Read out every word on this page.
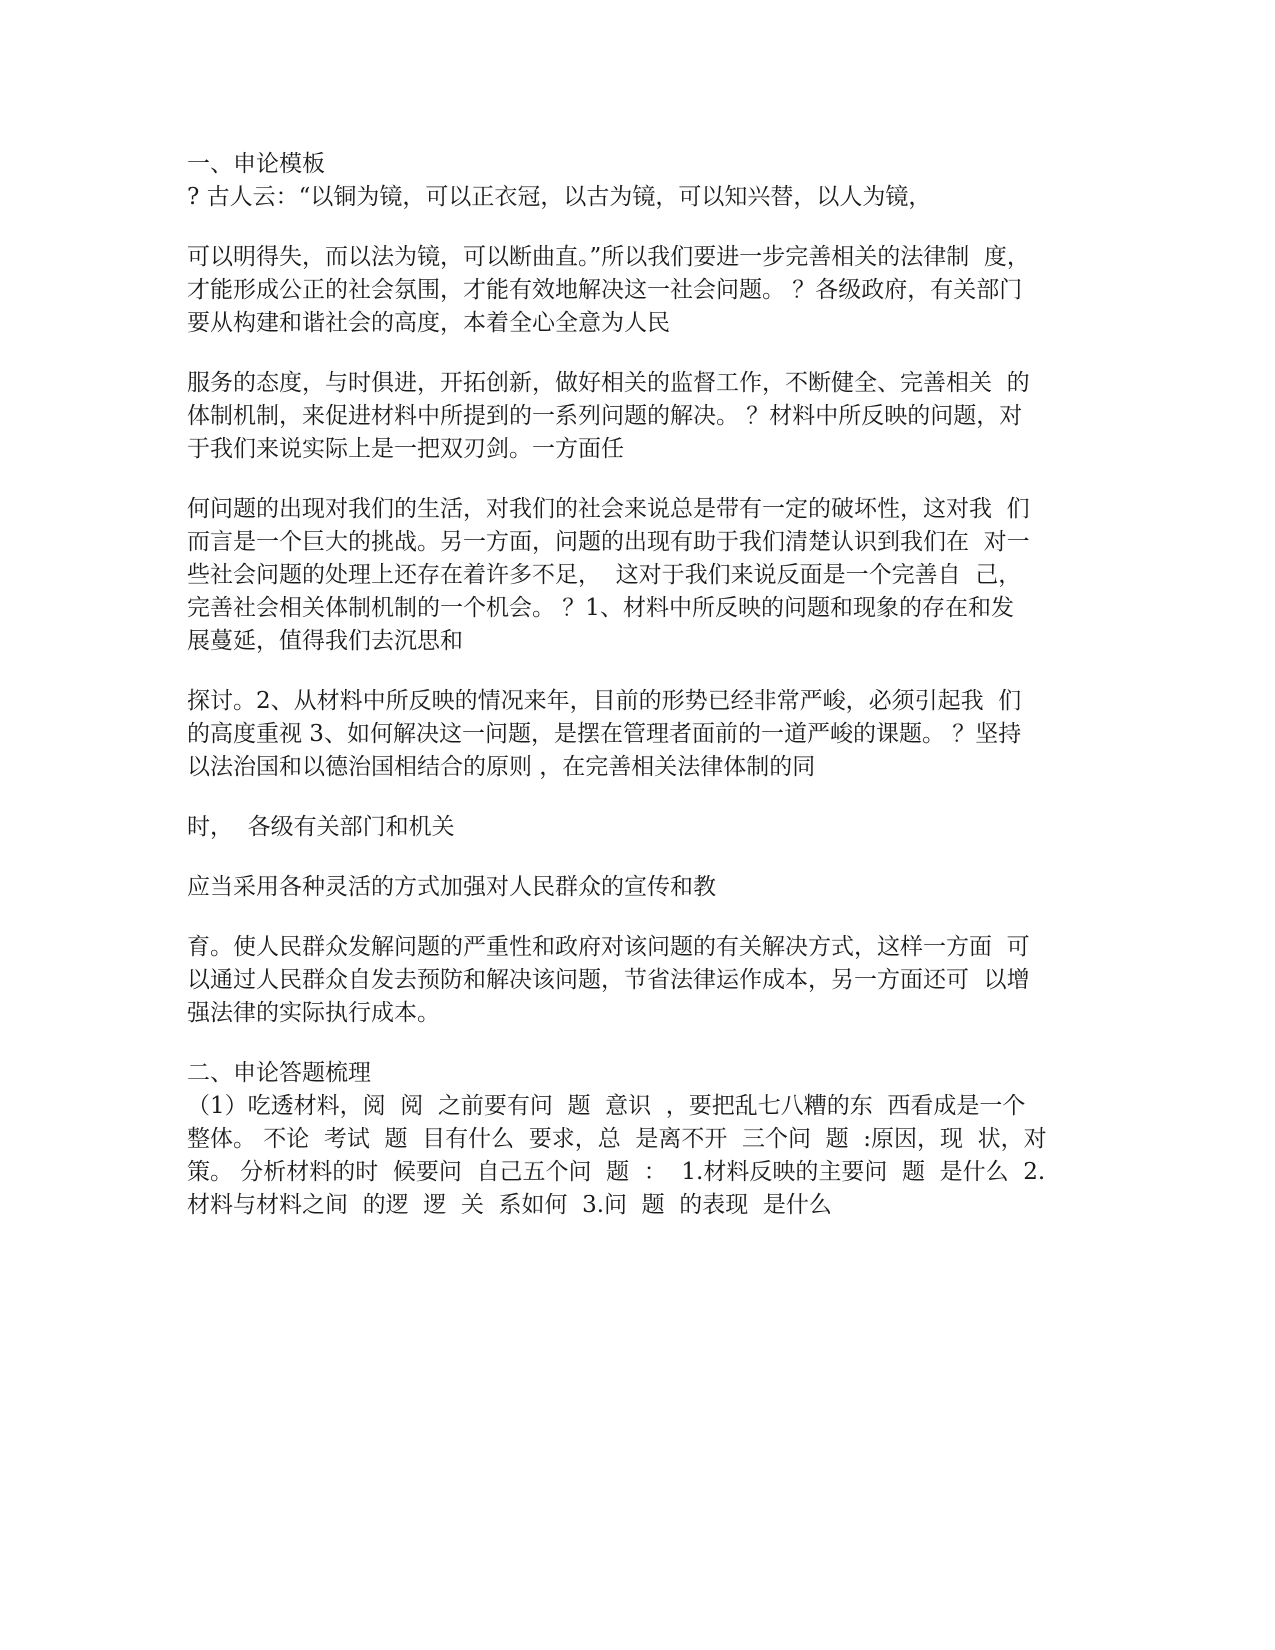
一、申论模板
? 古人云：“以铜为镜，可以正衣冠，以古为镜，可以知兴替，以人为镜，
可以明得失，而以法为镜，可以断曲直。”所以我们要进一步完善相关的法律制  度，
才能形成公正的社会氛围，才能有效地解决这一社会问题。 ？各级政府，有关部门
要从构建和谐社会的高度，本着全心全意为人民
服务的态度，与时俱进，开拓创新，做好相关的监督工作，不断健全、完善相关  的
体制机制，来促进材料中所提到的一系列问题的解决。 ？材料中所反映的问题，对
于我们来说实际上是一把双刃剑。一方面任
何问题的出现对我们的生活，对我们的社会来说总是带有一定的破坏性，这对我  们
而言是一个巨大的挑战。另一方面，问题的出现有助于我们清楚认识到我们在  对一
些社会问题的处理上还存在着许多不足，  这对于我们来说反面是一个完善自  己，
完善社会相关体制机制的一个机会。 ？1、材料中所反映的问题和现象的存在和发
展蔓延，值得我们去沉思和
探讨。2、从材料中所反映的情况来年，目前的形势已经非常严峻，必须引起我  们
的高度重视 3、如何解决这一问题，是摆在管理者面前的一道严峻的课题。 ？坚持
以法治国和以德治国相结合的原则 ，在完善相关法律体制的同
时，  各级有关部门和机关
应当采用各种灵活的方式加强对人民群众的宣传和教
育。使人民群众发解问题的严重性和政府对该问题的有关解决方式，这样一方面  可
以通过人民群众自发去预防和解决该问题，节省法律运作成本，另一方面还可  以增
强法律的实际执行成本。
二、申论答题梳理
（1）吃透材料，阅  阅  之前要有问  题  意识  ，要把乱七八糟的东  西看成是一个
整体。 不论  考试  题  目有什么  要求，总  是离不开  三个问  题  :原因，现  状，对
策。 分析材料的时  候要问  自己五个问  题  ：  1.材料反映的主要问  题  是什么  2.
材料与材料之间  的逻  逻  关  系如何  3.问  题  的表现  是什么
